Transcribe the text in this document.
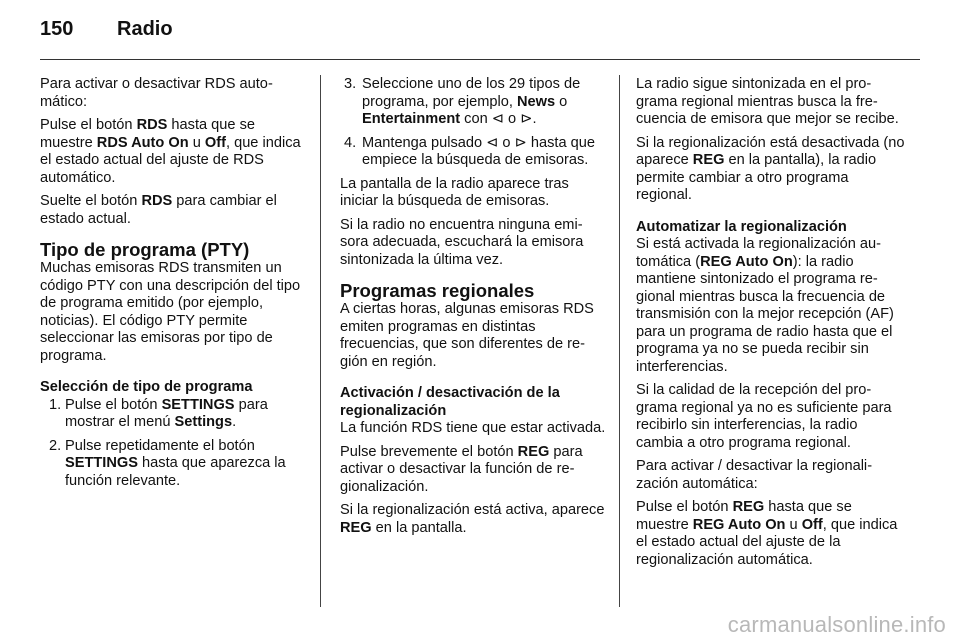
150 Radio

Para activar o desactivar RDS automático:

Pulse el botón RDS hasta que se muestre RDS Auto On u Off, que indica el estado actual del ajuste de RDS automático.

Suelte el botón RDS para cambiar el estado actual.

Tipo de programa (PTY)

Muchas emisoras RDS transmiten un código PTY con una descripción del tipo de programa emitido (por ejemplo, noticias). El código PTY permite seleccionar las emisoras por tipo de programa.

Selección de tipo de programa
1. Pulse el botón SETTINGS para mostrar el menú Settings.
2. Pulse repetidamente el botón SETTINGS hasta que aparezca la función relevante.
3. Seleccione uno de los 29 tipos de programa, por ejemplo, News o Entertainment con ⊲ o ⊳.
4. Mantenga pulsado ⊲ o ⊳ hasta que empiece la búsqueda de emisoras.

La pantalla de la radio aparece tras iniciar la búsqueda de emisoras.

Si la radio no encuentra ninguna emisora adecuada, escuchará la emisora sintonizada la última vez.

Programas regionales

A ciertas horas, algunas emisoras RDS emiten programas en distintas frecuencias, que son diferentes de región en región.

Activación / desactivación de la regionalización

La función RDS tiene que estar activada.

Pulse brevemente el botón REG para activar o desactivar la función de regionalización.

Si la regionalización está activa, aparece REG en la pantalla.

La radio sigue sintonizada en el programa regional mientras busca la frecuencia de emisora que mejor se recibe.

Si la regionalización está desactivada (no aparece REG en la pantalla), la radio permite cambiar a otro programa regional.

Automatizar la regionalización

Si está activada la regionalización automática (REG Auto On): la radio mantiene sintonizado el programa regional mientras busca la frecuencia de transmisión con la mejor recepción (AF) para un programa de radio hasta que el programa ya no se pueda recibir sin interferencias.

Si la calidad de la recepción del programa regional ya no es suficiente para recibirlo sin interferencias, la radio cambia a otro programa regional.

Para activar / desactivar la regionalización automática:

Pulse el botón REG hasta que se muestre REG Auto On u Off, que indica el estado actual del ajuste de la regionalización automática.

carmanualsonline.info
